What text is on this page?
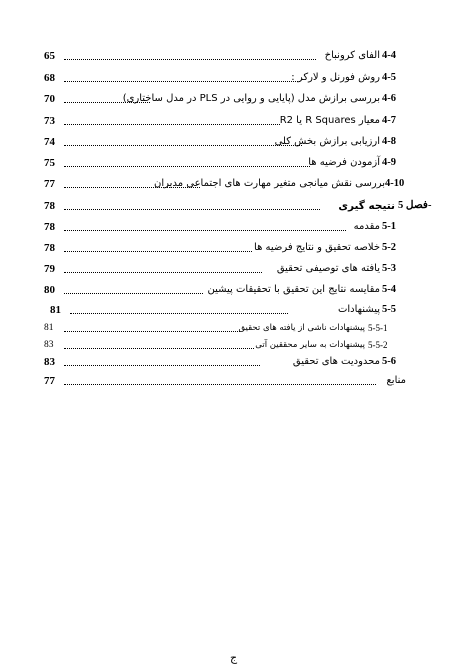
65	الفای کرونباخ 4-4
68	روش فورنل و لارکر : 4-5
70	بررسی برازش مدل (پایایی و روایی در PLS در مدل ساختاری) 4-6
73	معیار R Squares یا R2 4-7
74	ارزیابی برازش بخش کلی 4-8
75	آزمودن فرضیه ها 4-9
77	بررسی نقش میانجی متغیر مهارت های اجتماعی مدیران 4-10
78	نتیجه گیری فصل 5-
78	مقدمه 5-1
78	خلاصه تحقیق و نتایج فرضیه ها 5-2
79	یافته های توصیفی تحقیق 5-3
80	مقایسه نتایج این تحقیق با تحقیقات پیشین 5-4
81	پیشنهادات 5-5
81	پیشنهادات ناشی از یافته های تحقیق 5-5-1
83	پیشنهادات به سایر محققین آتی 5-5-2
83	محدودیت های تحقیق 5-6
77	منابع
ج
